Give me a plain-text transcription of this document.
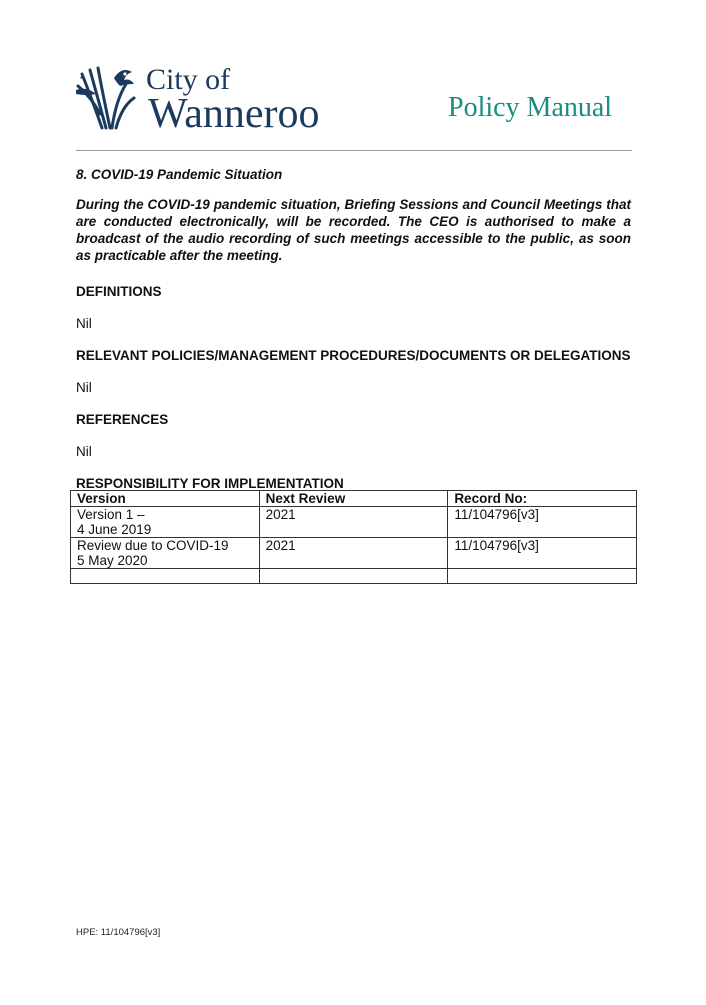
City of
Wanneroo	Policy Manual

8. COVID-19 Pandemic Situation

During the COVID-19 pandemic situation, Briefing Sessions and Council Meetings that are conducted electronically, will be recorded. The CEO is authorised to make a broadcast of the audio recording of such meetings accessible to the public, as soon as practicable after the meeting.

DEFINITIONS

Nil

RELEVANT POLICIES/MANAGEMENT PROCEDURES/DOCUMENTS OR DELEGATIONS

Nil

REFERENCES

Nil

RESPONSIBILITY FOR IMPLEMENTATION

Version	Next Review	Record No:
Version 1 –
4 June 2019	2021	11/104796[v3]
Review due to COVID-19
5 May 2020	2021	11/104796[v3]

HPE: 11/104796[v3]
